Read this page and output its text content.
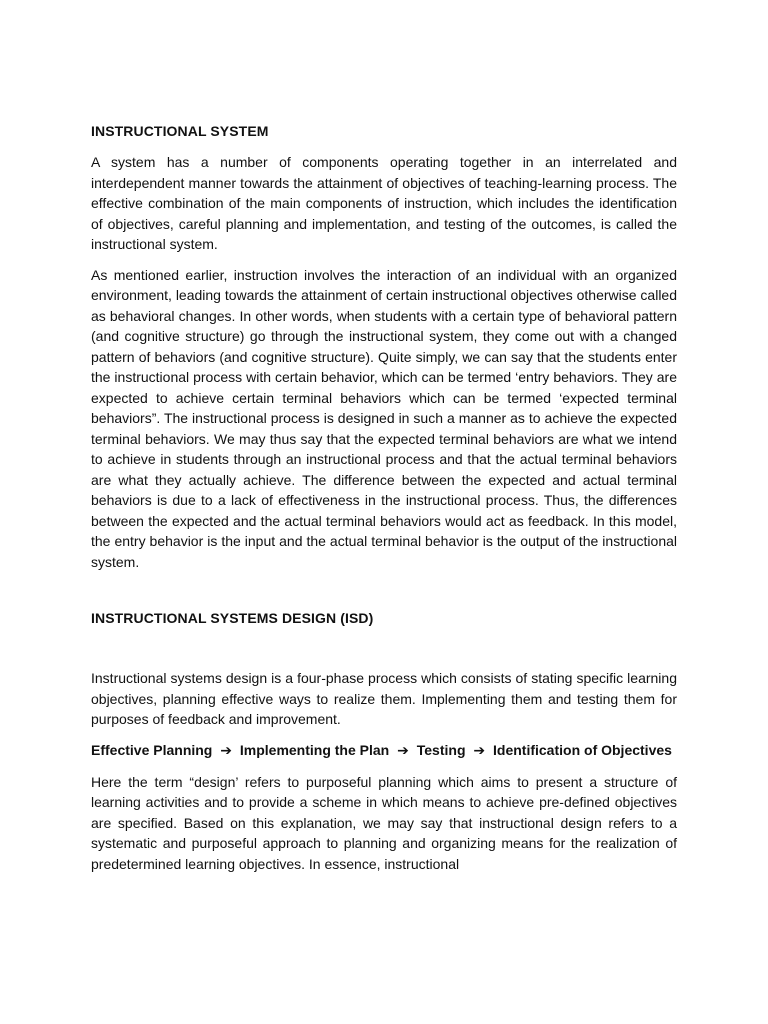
INSTRUCTIONAL SYSTEM

A system has a number of components operating together in an interrelated and interdependent manner towards the attainment of objectives of teaching-learning process. The effective combination of the main components of instruction, which includes the identification of objectives, careful planning and implementation, and testing of the outcomes, is called the instructional system.

As mentioned earlier, instruction involves the interaction of an individual with an organized environment, leading towards the attainment of certain instructional objectives otherwise called as behavioral changes. In other words, when students with a certain type of behavioral pattern (and cognitive structure) go through the instructional system, they come out with a changed pattern of behaviors (and cognitive structure). Quite simply, we can say that the students enter the instructional process with certain behavior, which can be termed ‘entry behaviors. They are expected to achieve certain terminal behaviors which can be termed ‘expected terminal behaviors”. The instructional process is designed in such a manner as to achieve the expected terminal behaviors. We may thus say that the expected terminal behaviors are what we intend to achieve in students through an instructional process and that the actual terminal behaviors are what they actually achieve. The difference between the expected and actual terminal behaviors is due to a lack of effectiveness in the instructional process. Thus, the differences between the expected and the actual terminal behaviors would act as feedback. In this model, the entry behavior is the input and the actual terminal behavior is the output of the instructional system.

INSTRUCTIONAL SYSTEMS DESIGN (ISD)

Instructional systems design is a four-phase process which consists of stating specific learning objectives, planning effective ways to realize them. Implementing them and testing them for purposes of feedback and improvement.

Effective Planning ➔ Implementing the Plan ➔ Testing ➔ Identification of Objectives

Here the term “design’ refers to purposeful planning which aims to present a structure of learning activities and to provide a scheme in which means to achieve pre-defined objectives are specified. Based on this explanation, we may say that instructional design refers to a systematic and purposeful approach to planning and organizing means for the realization of predetermined learning objectives. In essence, instructional
